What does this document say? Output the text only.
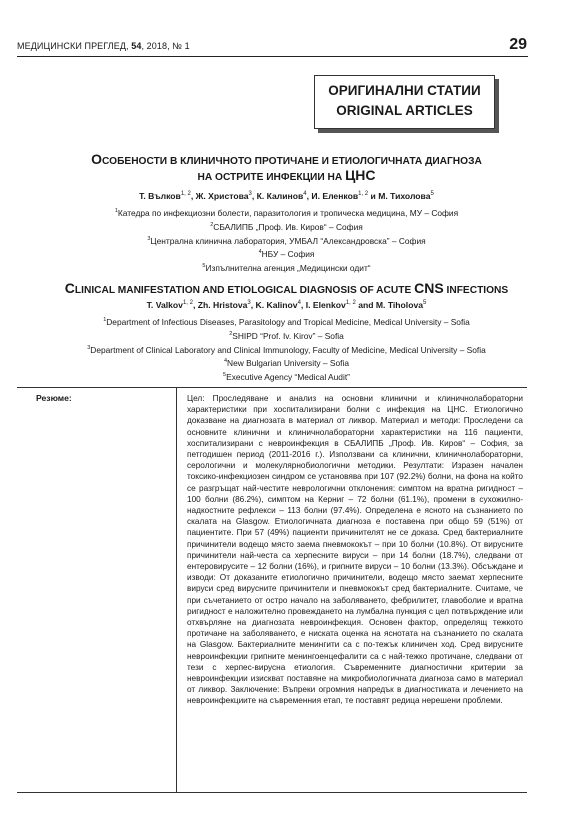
МЕДИЦИНСКИ ПРЕГЛЕД, 54, 2018, № 1	29
ОРИГИНАЛНИ СТАТИИ
ORIGINAL ARTICLES
ОСОБЕНОСТИ В КЛИНИЧНОТО ПРОТИЧАНЕ И ЕТИОЛОГИЧНАТА ДИАГНОЗА
НА ОСТРИТЕ ИНФЕКЦИИ НА ЦНС
Т. Вълков$^{1, 2}$, Ж. Христова$^3$, К. Калинов$^4$, И. Еленков$^{1, 2}$ и М. Тихолова$^5$
$^1$Катедра по инфекциозни болести, паразитология и тропическа медицина, МУ – София
$^2$СБАЛИПБ „Проф. Ив. Киров“ – София
$^3$Централна клинична лаборатория, УМБАЛ “Александровска” – София
$^4$НБУ – София
$^5$Изпълнителна агенция „Медицински одит“
CLINICAL MANIFESTATION AND ETIOLOGICAL DIAGNOSIS OF ACUTE CNS INFECTIONS
T. Valkov$^{1, 2}$, Zh. Hristova$^3$, K. Kalinov$^4$, I. Elenkov$^{1, 2}$ and M. Tiholova$^5$
$^1$Department of Infectious Diseases, Parasitology and Tropical Medicine, Medical University – Sofia
$^2$SHIPD “Prof. Iv. Kirov” – Sofia
$^3$Department of Clinical Laboratory and Clinical Immunology, Faculty of Medicine, Medical University – Sofia
$^4$New Bulgarian University – Sofia
$^5$Executive Agency “Medical Audit”
Резюме:	Цел: Проследяване и анализ на основни клинични и клиничнолабораторни характеристики при хоспитализирани болни с инфекция на ЦНС. Етиологично доказване на диагнозата в материал от ликвор. Материал и методи: Проследени са основните клинични и клиничнолабораторни характеристики на 116 пациенти, хоспитализирани с невроинфекция в СБАЛИПБ „Проф. Ив. Киров“ – София, за петгодишен период (2011-2016 г.). Използвани са клинични, клиничнолабораторни, серологични и молекулярнобиологични методики. Резултати: Изразен начален токсико-инфекциозен синдром се установява при 107 (92.2%) болни, на фона на който се разгръщат най-честите неврологични отклонения: симптом на вратна ригидност – 100 болни (86.2%), симптом на Керниг – 72 болни (61.1%), промени в сухожилно-надкостните рефлекси – 113 болни (97.4%). Определена е ясното на съзнанието по скалата на Glasgow. Етиологичната диагноза е поставена при общо 59 (51%) от пациентите. При 57 (49%) пациенти причинителят не се доказа. Сред бактериалните причинители водещо място заема пневмококът – при 10 болни (10.8%). От вирусните причинители най-честа са херпесните вируси – при 14 болни (18.7%), следвани от ентеровирусите – 12 болни (16%), и грипните вируси – 10 болни (13.3%). Обсъждане и изводи: От доказаните етиологично причинители, водещо място заемат херпесните вируси сред вирусните причинители и пневмококът сред бактериалните. Считаме, че при съчетанието от остро начало на заболяването, фебрилитет, главоболие и вратна ригидност е наложително провеждането на лумбална пункция с цел потвърждение или отхвърляне на диагнозата невроинфекция. Основен фактор, определящ тежкото протичане на заболяването, е ниската оценка на яснотата на съзнанието по скалата на Glasgow. Бактериалните менингити са с по-тежък клиничен ход. Сред вирусните невроинфекции грипните менингоенцефалити са с най-тежко протичане, следвани от тези с херпес-вирусна етиология. Съвременните диагностични критерии за невроинфекции изискват поставяне на микробиологичната диагноза само в материал от ликвор. Заключение: Въпреки огромния напредък в диагностиката и лечението на невроинфекциите на съвременния етап, те поставят редица нерешени проблеми.
